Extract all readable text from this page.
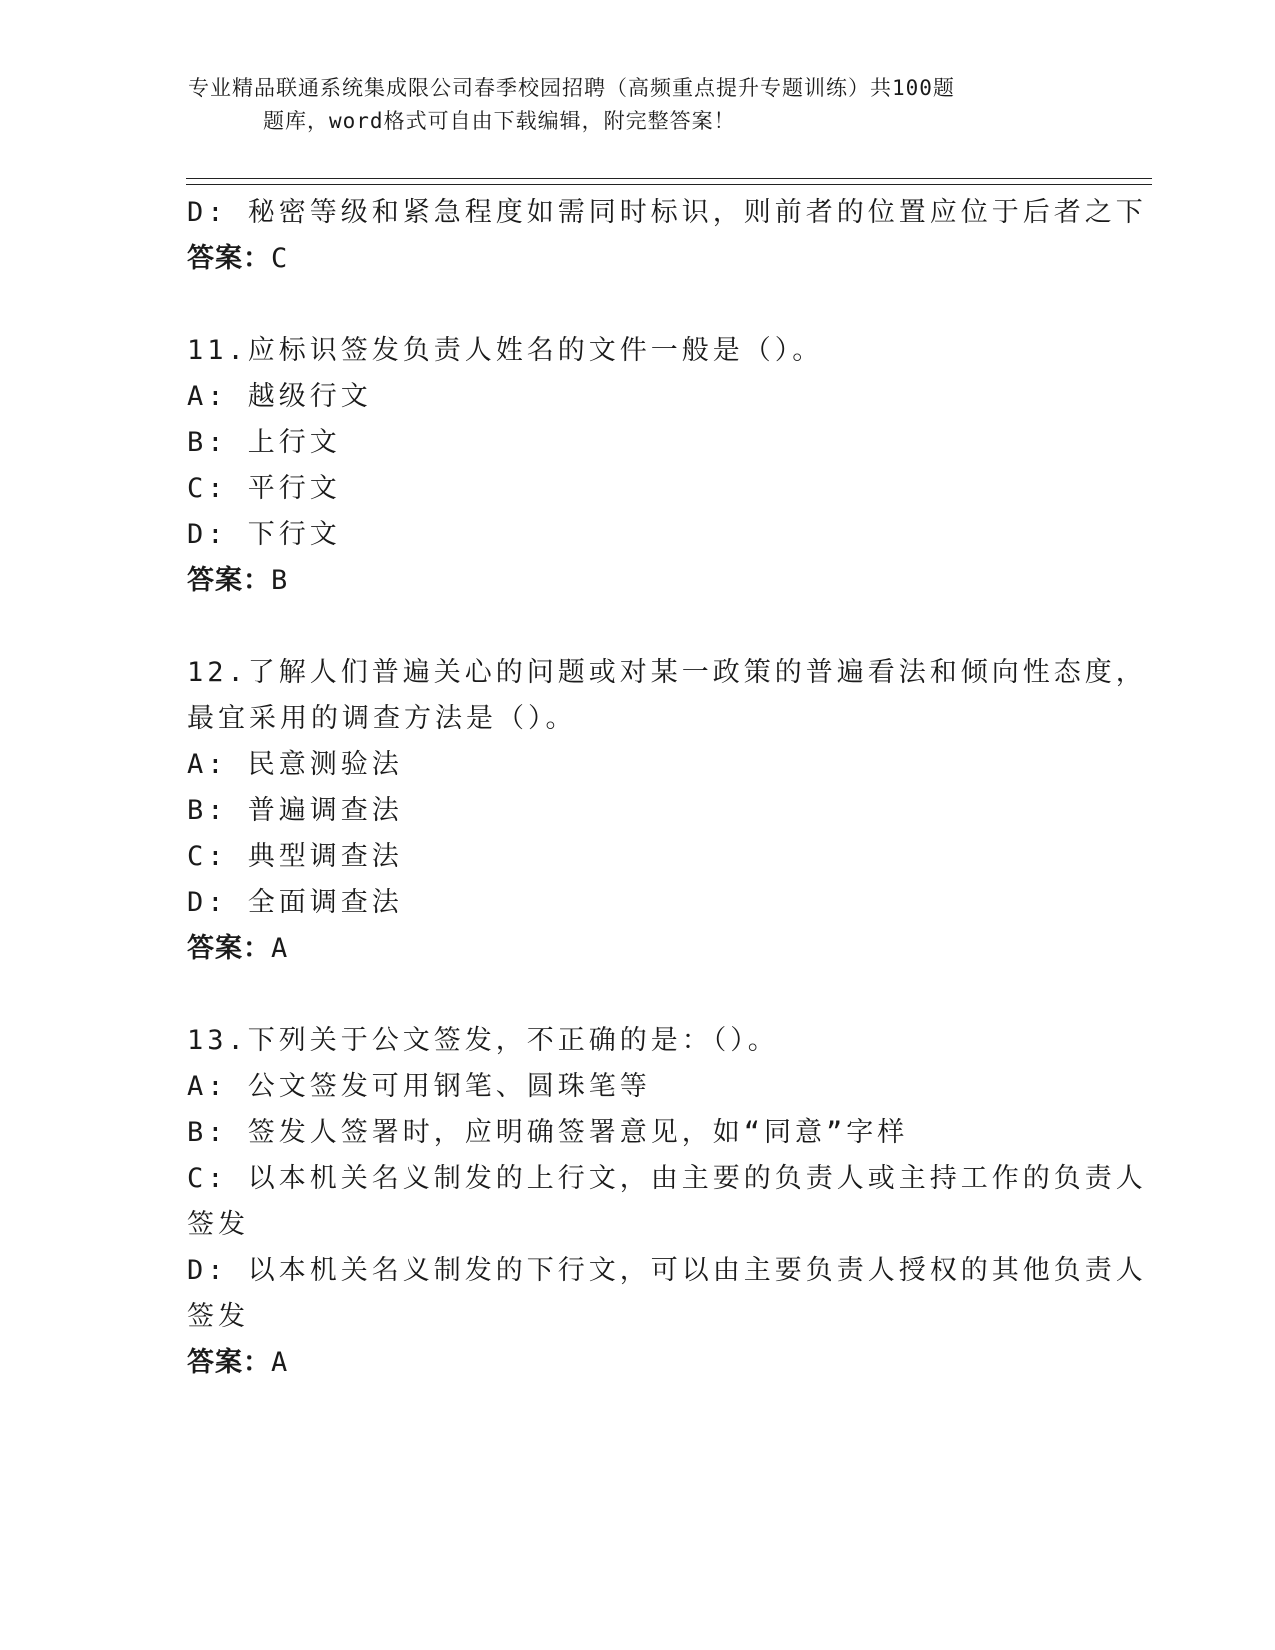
专业精品联通系统集成限公司春季校园招聘（高频重点提升专题训练）共100题
题库，word格式可自由下载编辑，附完整答案！
D: 秘密等级和紧急程度如需同时标识，则前者的位置应位于后者之下
答案：C
11.应标识签发负责人姓名的文件一般是（）。
A: 越级行文
B: 上行文
C: 平行文
D: 下行文
答案：B
12.了解人们普遍关心的问题或对某一政策的普遍看法和倾向性态度，
最宜采用的调查方法是（）。
A: 民意测验法
B: 普遍调查法
C: 典型调查法
D: 全面调查法
答案：A
13.下列关于公文签发，不正确的是：（）。
A: 公文签发可用钢笔、圆珠笔等
B: 签发人签署时，应明确签署意见，如“同意”字样
C: 以本机关名义制发的上行文，由主要的负责人或主持工作的负责人
签发
D: 以本机关名义制发的下行文，可以由主要负责人授权的其他负责人
签发
答案：A
